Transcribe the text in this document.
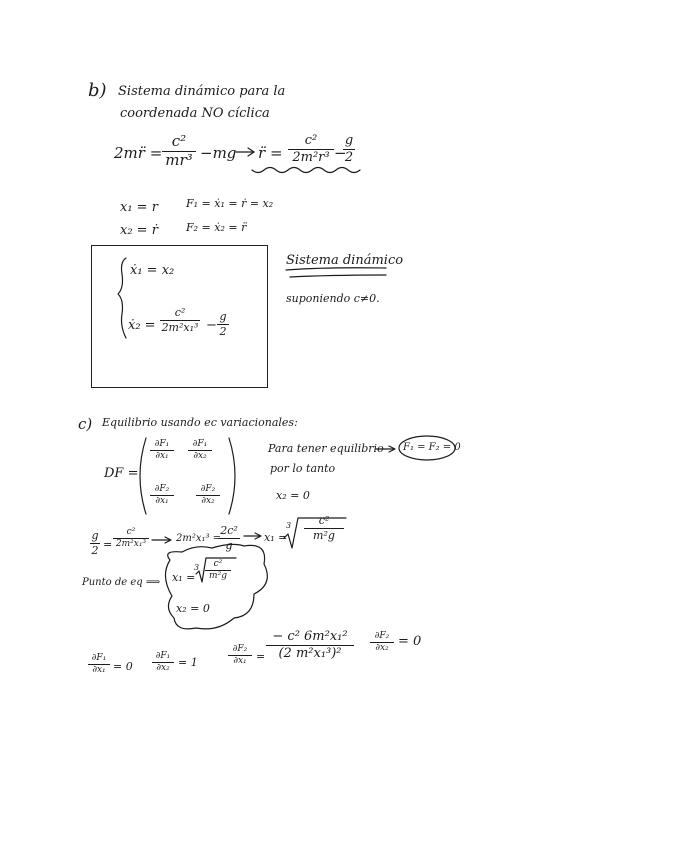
b) Sistema dinámico para la
coordenada NO cíclica
2mr̈ =
c²
mr³ −mg r̈ =
c²
2m²r³ −
g
2
x₁ = r
x₂ = ṙ
F₁ = ẋ₁ = ṙ = x₂
F₂ = ẋ₂ = r̈
ẋ₁ = x₂
ẋ₂ =
c²
2m²x₁³ −
g
2
Sistema dinámico
suponiendo c≠0.
c) Equilibrio usando ec variacionales:
DF =
∂F₁
∂x₁
∂F₁
∂x₂
∂F₂
∂x₁
∂F₂
∂x₂
Para tener equilibrio F₁ = F₂ = 0
por lo tanto
x₂ = 0
g
2 =
c²
2m²x₁³
2m²x₁³ =
2c²
g
x₁ =
3	c²
m²g
Punto de eq ⟹ x₁ =
3	c²
m²g
x₂ = 0
∂F₁
∂x₁ = 0
∂F₁
∂x₂ = 1
∂F₂
∂x₁ =
− c² 6m²x₁²
(2 m²x₁³)²
∂F₂
∂x₂ = 0
